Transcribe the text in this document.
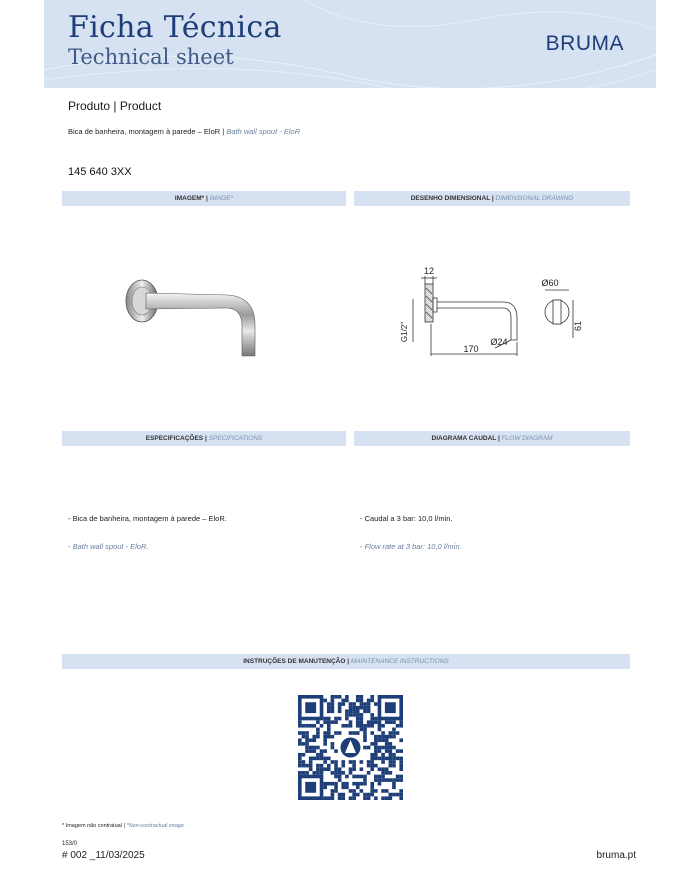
Ficha Técnica
Technical sheet
BRUMA
Produto | Product
Bica de banheira, montagem à parede – EloR | Bath wall spout - EloR
145 640 3XX
IMAGEM* | IMAGE*	DESENHO DIMENSIONAL | DIMENSIONAL DRAWING
12
Ø60
61
G1/2"	Ø24
170
ESPECIFICAÇÕES | SPECIFICATIONS	DIAGRAMA CAUDAL | FLOW DIAGRAM
- Bica de banheira, montagem à parede – EloR.
- Bath wall spout - EloR.
- Caudal a 3 bar: 10,0 l/min.
- Flow rate at 3 bar: 10,0 l/min.
INSTRUÇÕES DE MANUTENÇÃO | MAINTENANCE INSTRUCTIONS
* Imagem não contratual | *Non-contractual image
153/0
# 002 _11/03/2025	bruma.pt
